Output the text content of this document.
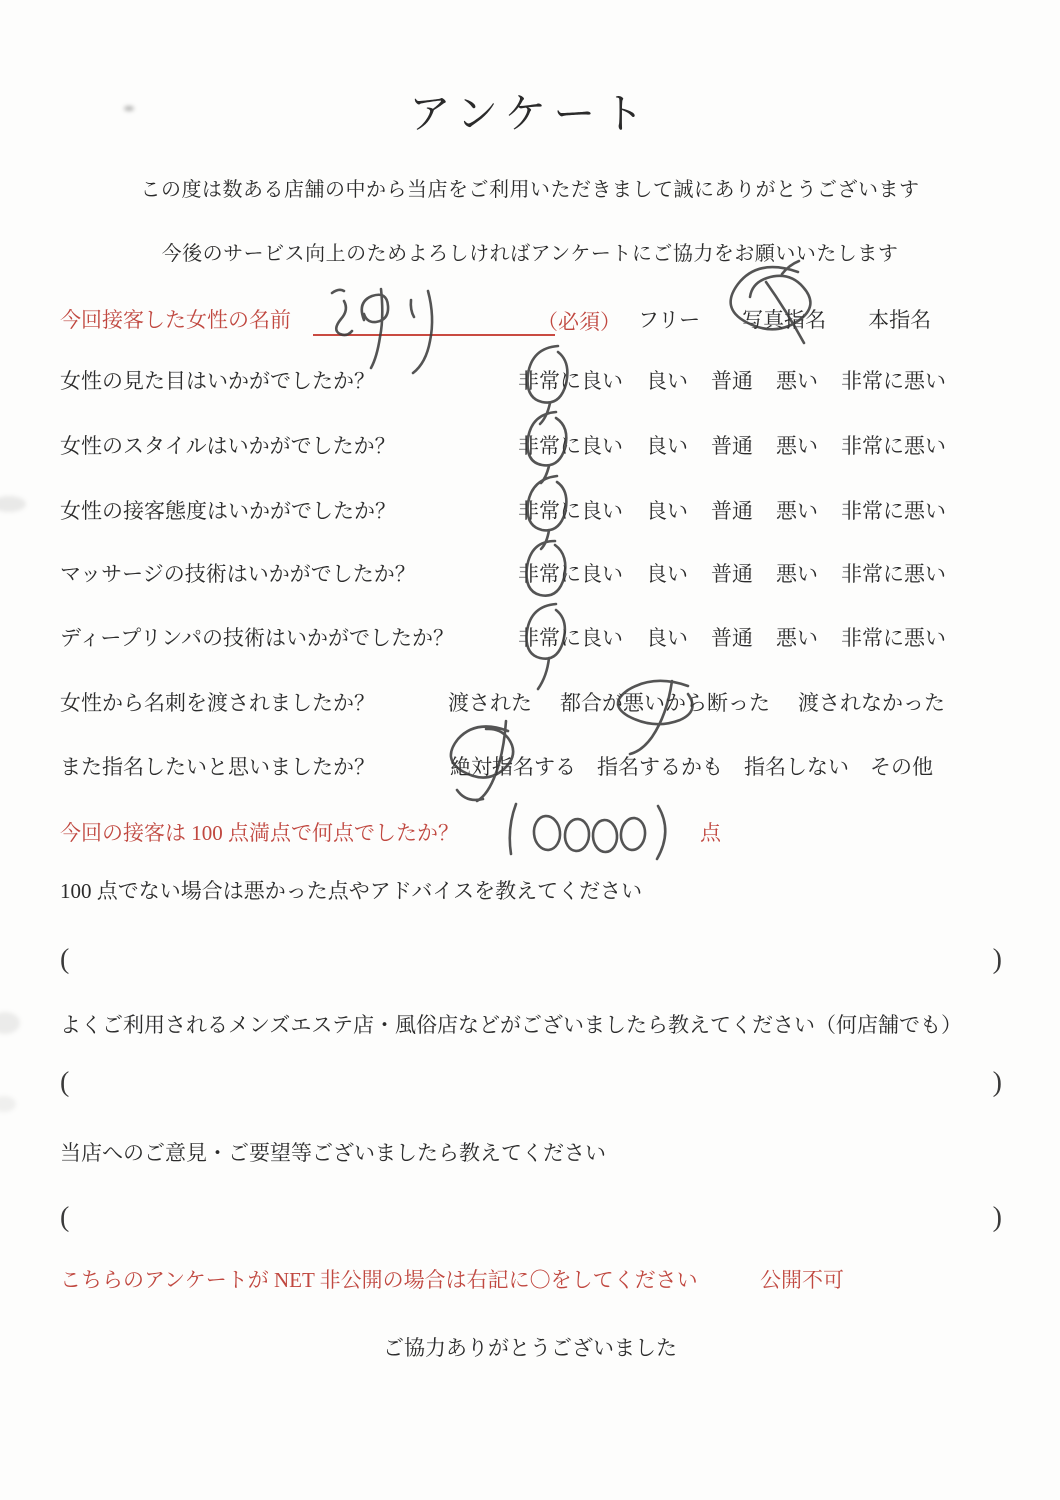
アンケート
この度は数ある店舗の中から当店をご利用いただきまして誠にありがとうございます
今後のサービス向上のためよろしければアンケートにご協力をお願いいたします
今回接客した女性の名前	（必須） フリー 写真指名 本指名
女性の見た目はいかがでしたか？	非常に良い 良い 普通 悪い 非常に悪い
女性のスタイルはいかがでしたか？	非常に良い 良い 普通 悪い 非常に悪い
女性の接客態度はいかがでしたか？	非常に良い 良い 普通 悪い 非常に悪い
マッサージの技術はいかがでしたか？	非常に良い 良い 普通 悪い 非常に悪い
ディープリンパの技術はいかがでしたか？	非常に良い 良い 普通 悪い 非常に悪い
女性から名刺を渡されましたか？	渡された 都合が悪いから断った 渡されなかった
また指名したいと思いましたか？	絶対指名する 指名するかも 指名しない その他
今回の接客は 100 点満点で何点でしたか？	点
100 点でない場合は悪かった点やアドバイスを教えてください
(	)
よくご利用されるメンズエステ店・風俗店などがございましたら教えてください（何店舗でも）
(	)
当店へのご意見・ご要望等ございましたら教えてください
(	)
こちらのアンケートが NET 非公開の場合は右記に〇をしてください	公開不可
ご協力ありがとうございました
